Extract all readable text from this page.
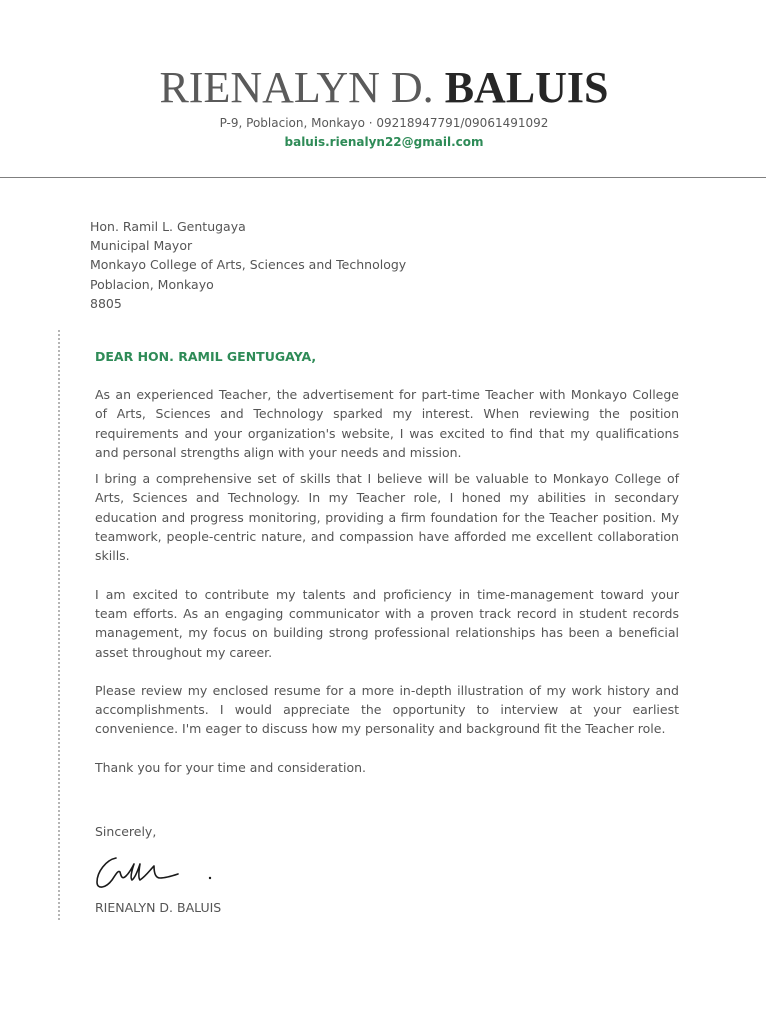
RIENALYN D. BALUIS
P-9, Poblacion, Monkayo · 09218947791/09061491092
baluis.rienalyn22@gmail.com
Hon. Ramil L. Gentugaya
Municipal Mayor
Monkayo College of Arts, Sciences and Technology
Poblacion, Monkayo
8805
DEAR HON. RAMIL GENTUGAYA,

As an experienced Teacher, the advertisement for part-time Teacher with Monkayo College of Arts, Sciences and Technology sparked my interest. When reviewing the position requirements and your organization's website, I was excited to find that my qualifications and personal strengths align with your needs and mission.

I bring a comprehensive set of skills that I believe will be valuable to Monkayo College of Arts, Sciences and Technology. In my Teacher role, I honed my abilities in secondary education and progress monitoring, providing a firm foundation for the Teacher position. My teamwork, people-centric nature, and compassion have afforded me excellent collaboration skills.

I am excited to contribute my talents and proficiency in time-management toward your team efforts. As an engaging communicator with a proven track record in student records management, my focus on building strong professional relationships has been a beneficial asset throughout my career.

Please review my enclosed resume for a more in-depth illustration of my work history and accomplishments. I would appreciate the opportunity to interview at your earliest convenience. I'm eager to discuss how my personality and background fit the Teacher role.

Thank you for your time and consideration.

Sincerely,
RIENALYN D. BALUIS
